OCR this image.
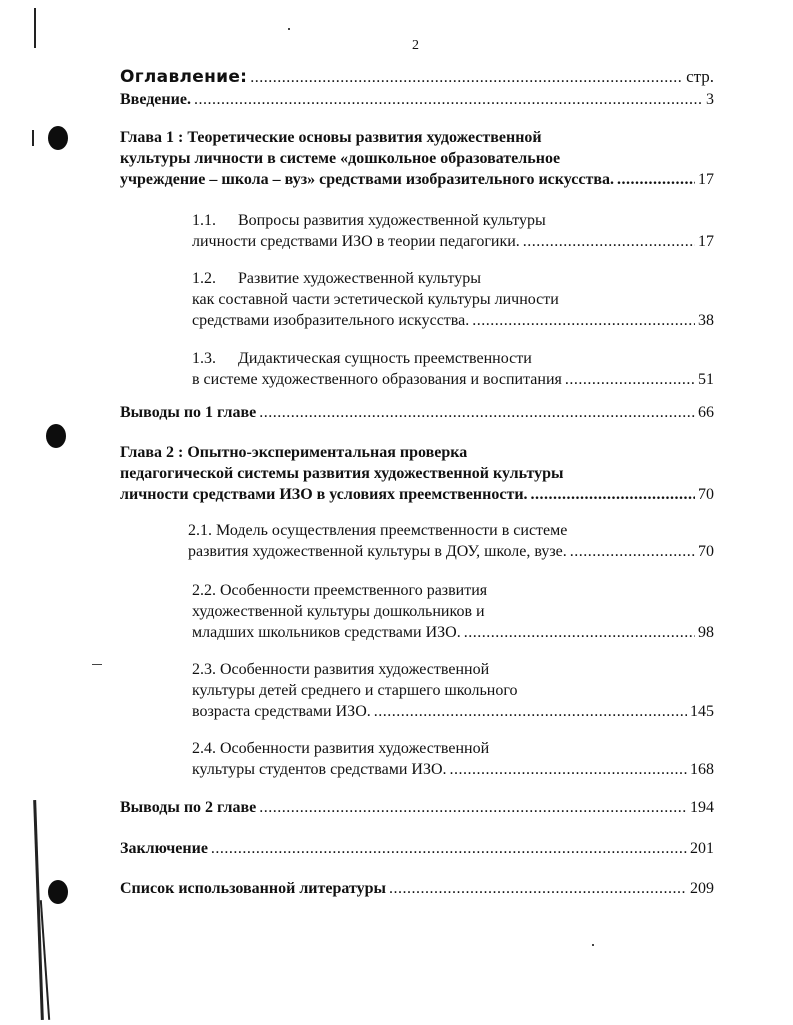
2
Оглавление: .....	стр.
Введение. .....	3
Глава 1 : Теоретические основы развития художественной
культуры личности в системе «дошкольное образовательное
учреждение – школа – вуз» средствами изобразительного искусства. .....	17
1.1. Вопросы развития художественной культуры
личности средствами ИЗО в теории педагогики. .....	17
1.2. Развитие художественной культуры
как составной части эстетической культуры личности
средствами изобразительного искусства. .....	38
1.3. Дидактическая сущность преемственности
в системе художественного образования и воспитания .....	51
Выводы по 1 главе .....	66
Глава 2 : Опытно-экспериментальная проверка
педагогической системы развития художественной культуры
личности средствами ИЗО в условиях преемственности. .....	70
2.1. Модель осуществления преемственности в системе
развития художественной культуры в ДОУ, школе, вузе. .....	70
2.2. Особенности преемственного развития
художественной культуры дошкольников и
младших школьников средствами ИЗО. .....	98
2.3. Особенности развития художественной
культуры детей среднего и старшего школьного
возраста средствами ИЗО. .....	145
2.4. Особенности развития художественной
культуры студентов средствами ИЗО. .....	168
Выводы по 2 главе .....	194
Заключение .....	201
Список использованной литературы .....	209
